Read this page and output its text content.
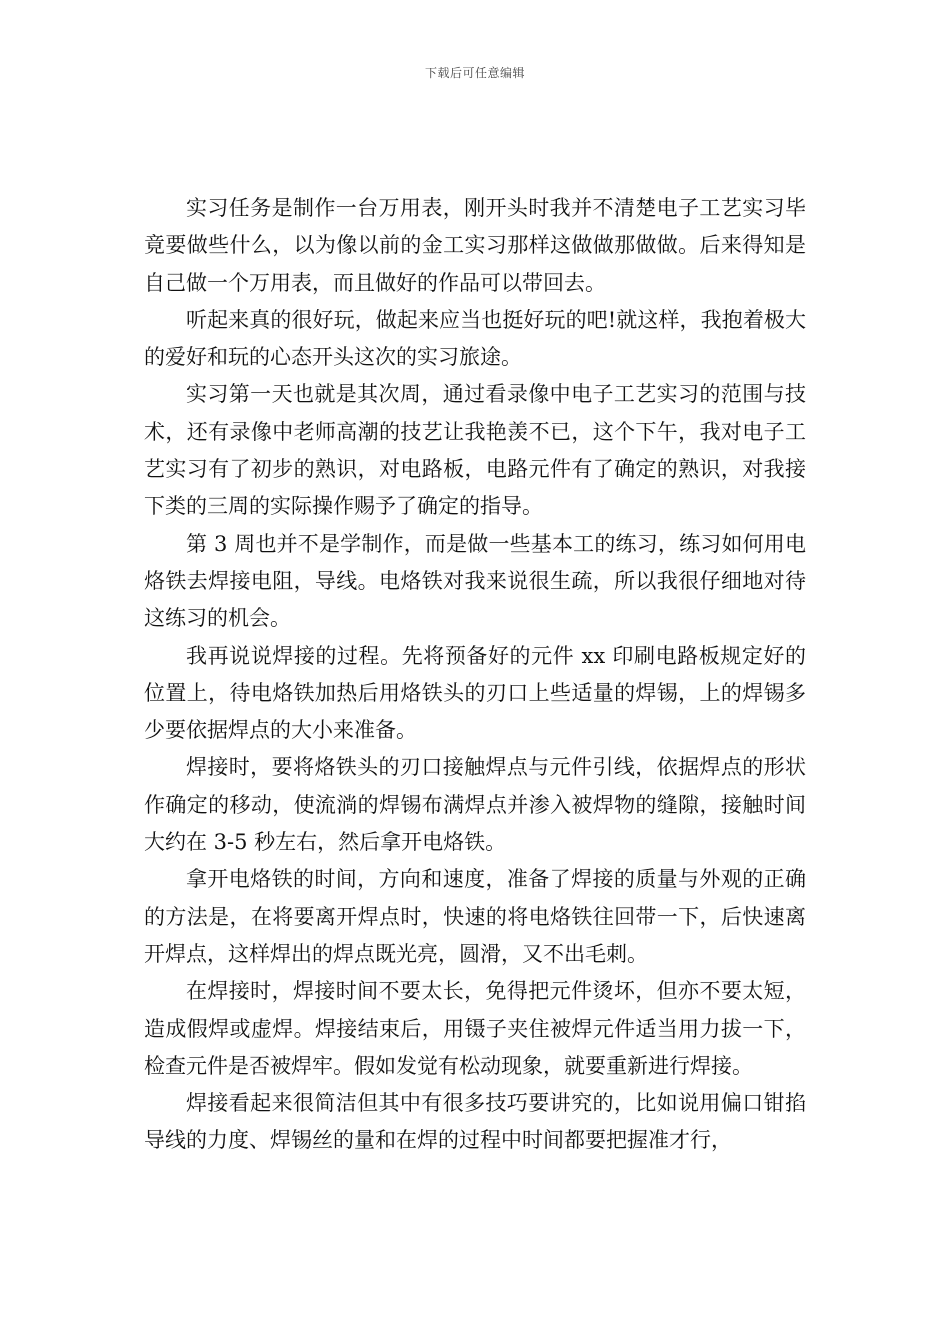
下载后可任意编辑

实习任务是制作一台万用表，刚开头时我并不清楚电子工艺实习毕竟要做些什么，以为像以前的金工实习那样这做做那做做。后来得知是自己做一个万用表，而且做好的作品可以带回去。

听起来真的很好玩，做起来应当也挺好玩的吧!就这样，我抱着极大的爱好和玩的心态开头这次的实习旅途。

实习第一天也就是其次周，通过看录像中电子工艺实习的范围与技术，还有录像中老师高潮的技艺让我艳羡不已，这个下午，我对电子工艺实习有了初步的熟识，对电路板，电路元件有了确定的熟识，对我接下类的三周的实际操作赐予了确定的指导。

第 3 周也并不是学制作，而是做一些基本工的练习，练习如何用电烙铁去焊接电阻，导线。电烙铁对我来说很生疏，所以我很仔细地对待这练习的机会。

我再说说焊接的过程。先将预备好的元件 xx 印刷电路板规定好的位置上，待电烙铁加热后用烙铁头的刃口上些适量的焊锡，上的焊锡多少要依据焊点的大小来准备。

焊接时，要将烙铁头的刃口接触焊点与元件引线，依据焊点的形状作确定的移动，使流淌的焊锡布满焊点并渗入被焊物的缝隙，接触时间大约在 3-5 秒左右，然后拿开电烙铁。

拿开电烙铁的时间，方向和速度，准备了焊接的质量与外观的正确的方法是，在将要离开焊点时，快速的将电烙铁往回带一下，后快速离开焊点，这样焊出的焊点既光亮，圆滑，又不出毛刺。

在焊接时，焊接时间不要太长，免得把元件烫坏，但亦不要太短，造成假焊或虚焊。焊接结束后，用镊子夹住被焊元件适当用力拔一下，检查元件是否被焊牢。假如发觉有松动现象，就要重新进行焊接。

焊接看起来很简洁但其中有很多技巧要讲究的，比如说用偏口钳掐导线的力度、焊锡丝的量和在焊的过程中时间都要把握准才行，
